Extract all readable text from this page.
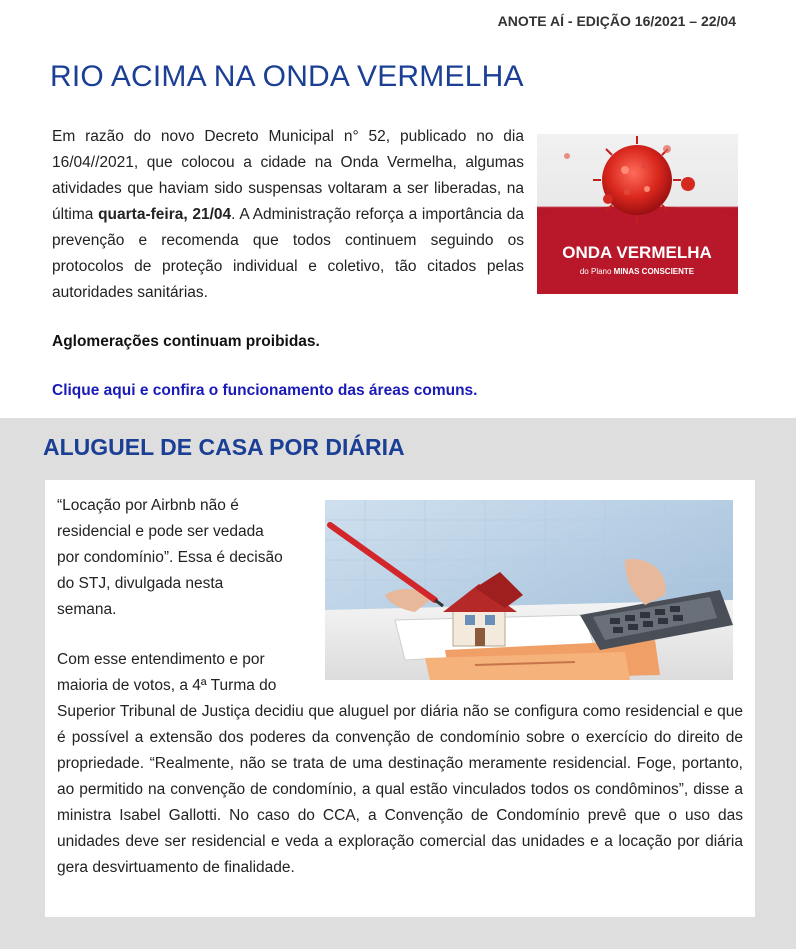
ANOTE AÍ - EDIÇÃO 16/2021 – 22/04
RIO ACIMA NA ONDA VERMELHA
Em razão do novo Decreto Municipal n° 52, publicado no dia 16/04//2021, que colocou a cidade na Onda Vermelha, algumas atividades que haviam sido suspensas voltaram a ser liberadas, na última quarta-feira, 21/04. A Administração reforça a importância da prevenção e recomenda que todos continuem seguindo os protocolos de proteção individual e coletivo, tão citados pelas autoridades sanitárias.
ONDA VERMELHA
do Plano MINAS CONSCIENTE
Aglomerações continuam proibidas.
Clique aqui e confira o funcionamento das áreas comuns.
ALUGUEL DE CASA POR DIÁRIA
“Locação por Airbnb não é
residencial e pode ser vedada
por condomínio”. Essa é decisão
do STJ, divulgada nesta
semana.
Com esse entendimento e por
maioria de votos, a 4ª Turma do
Superior Tribunal de Justiça decidiu que aluguel por diária não se configura como residencial e que é possível a extensão dos poderes da convenção de condomínio sobre o exercício do direito de propriedade. “Realmente, não se trata de uma destinação meramente residencial. Foge, portanto, ao permitido na convenção de condomínio, a qual estão vinculados todos os condôminos”, disse a ministra Isabel Gallotti. No caso do CCA, a Convenção de Condomínio prevê que o uso das unidades deve ser residencial e veda a exploração comercial das unidades e a locação por diária gera desvirtuamento de finalidade.
